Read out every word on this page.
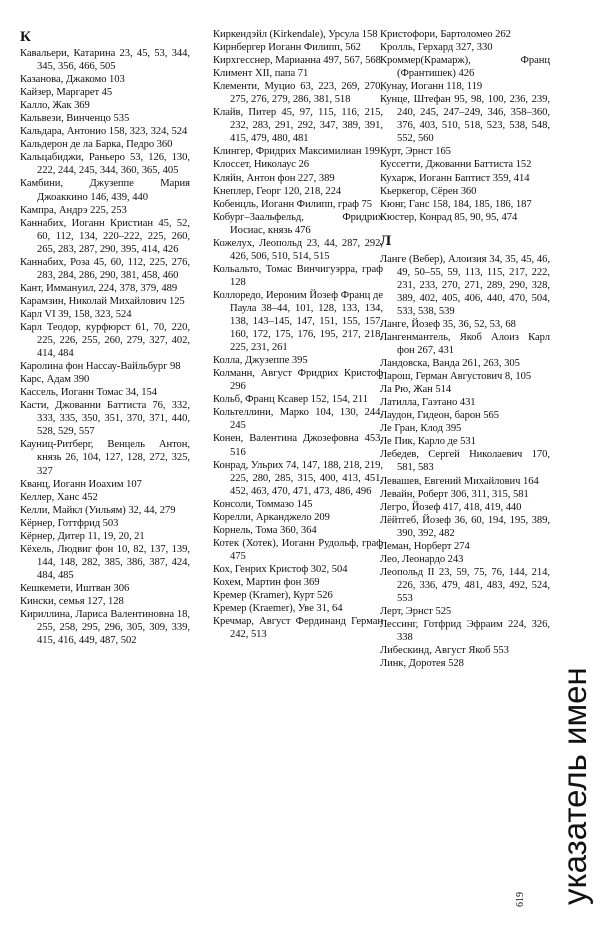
К
Кавальери, Катарина 23, 45, 53, 344, 345, 356, 466, 505
Казанова, Джакомо 103
Кайзер, Маргарет 45
Калло, Жак 369
Кальвези, Винченцо 535
Кальдара, Антонио 158, 323, 324, 524
Кальдерон де ла Барка, Педро 360
Кальцабиджи, Раньеро 53, 126, 130, 222, 244, 245, 344, 360, 365, 405
Камбини, Джузеппе Мария Джоаккино 146, 439, 440
Кампра, Андрэ 225, 253
Каннабих, Иоганн Кристиан 45, 52, 60, 112, 134, 220–222, 225, 260, 265, 283, 287, 290, 395, 414, 426
Каннабих, Роза 45, 60, 112, 225, 276, 283, 284, 286, 290, 381, 458, 460
Кант, Иммануил, 224, 378, 379, 489
Карамзин, Николай Михайлович 125
Карл VI 39, 158, 323, 524
Карл Теодор, курфюрст 61, 70, 220, 225, 226, 255, 260, 279, 327, 402, 414, 484
Каролина фон Нассау-Вайльбург 98
Карс, Адам 390
Кассель, Иоганн Томас 34, 154
Касти, Джованни Баттиста 76, 332, 333, 335, 350, 351, 370, 371, 440, 528, 529, 557
Кауниц-Ритберг, Венцель Антон, князь 26, 104, 127, 128, 272, 325, 327
Кванц, Иоганн Иоахим 107
Келлер, Ханс 452
Келли, Майкл (Уильям) 32, 44, 279
Кёрнер, Готтфрид 503
Кёрнер, Дитер 11, 19, 20, 21
Кёхель, Людвиг фон 10, 82, 137, 139, 144, 148, 282, 385, 386, 387, 424, 484, 485
Кешкемети, Иштван 306
Кински, семья 127, 128
Кириллина, Лариса Валентиновна 18, 255, 258, 295, 296, 305, 309, 339, 415, 416, 449, 487, 502
Киркендэйл (Kirkendale), Урсула 158
Кирнбергер Иоганн Филипп, 562
Кирхгесснер, Марианна 497, 567, 568
Климент XII, папа 71
Клементи, Муцио 63, 223, 269, 270, 275, 276, 279, 286, 381, 518
Клайв, Питер 45, 97, 115, 116, 215, 232, 283, 291, 292, 347, 389, 391, 415, 479, 480, 481
Клингер, Фридрих Максимилиан 199
Клоссет, Николаус 26
Кляйн, Антон фон 227, 389
Кнеплер, Георг 120, 218, 224
Кобенцль, Иоганн Филипп, граф 75
Кобург–Заальфельд, Фридрих Иосиас, князь 476
Кожелух, Леопольд 23, 44, 287, 292, 426, 506, 510, 514, 515
Кольальто, Томас Винчигуэрра, граф 128
Коллоредо, Иероним Йозеф Франц де Паула 38–44, 101, 128, 133, 134, 138, 143–145, 147, 151, 155, 157, 160, 172, 175, 176, 195, 217, 218, 225, 231, 261
Колла, Джузеппе 395
Колманн, Август Фридрих Кристоф 296
Кольб, Франц Ксавер 152, 154, 211
Кольтеллини, Марко 104, 130, 244, 245
Конен, Валентина Джозефовна 453, 516
Конрад, Ульрих 74, 147, 188, 218, 219, 225, 280, 285, 315, 400, 413, 451, 452, 463, 470, 471, 473, 486, 496
Консоли, Томмазо 145
Корелли, Арканджело 209
Корнель, Тома 360, 364
Котек (Хотек), Иоганн Рудольф, граф 475
Кох, Генрих Кристоф 302, 504
Кохем, Мартин фон 369
Кремер (Kramer), Курт 526
Кремер (Kraemer), Уве 31, 64
Кречмар, Август Фердинанд Герман 242, 513
Кристофори, Бартоломео 262
Кролль, Герхард 327, 330
Кроммер(Крамарж), Франц (Франтишек) 426
Кунау, Иоганн 118, 119
Кунце, Штефан 95, 98, 100, 236, 239, 240, 245, 247–249, 346, 358–360, 376, 403, 510, 518, 523, 538, 548, 552, 560
Курт, Эрнст 165
Куссетти, Джованни Баттиста 152
Кухарж, Иоганн Баптист 359, 414
Кьеркегор, Сёрен 360
Кюнг, Ганс 158, 184, 185, 186, 187
Кюстер, Конрад 85, 90, 95, 474
Л
Ланге (Вебер), Алоизия 34, 35, 45, 46, 49, 50–55, 59, 113, 115, 217, 222, 231, 233, 270, 271, 289, 290, 328, 389, 402, 405, 406, 440, 470, 504, 533, 538, 539
Ланге, Йозеф 35, 36, 52, 53, 68
Лангенмантель, Якоб Алоиз Карл фон 267, 431
Ландовска, Ванда 261, 263, 305
Ларош, Герман Августович 8, 105
Ла Рю, Жан 514
Латилла, Гаэтано 431
Лаудон, Гидеон, барон 565
Ле Гран, Клод 395
Ле Пик, Карло де 531
Лебедев, Сергей Николаевич 170, 581, 583
Левашев, Евгений Михайлович 164
Левайн, Роберт 306, 311, 315, 581
Легро, Йозеф 417, 418, 419, 440
Лёйтгеб, Йозеф 36, 60, 194, 195, 389, 390, 392, 482
Леман, Норберт 274
Лео, Леонардо 243
Леопольд II 23, 59, 75, 76, 144, 214, 226, 336, 479, 481, 483, 492, 524, 553
Лерт, Эрнст 525
Лессинг, Готфрид Эфраим 224, 326, 338
Либескинд, Август Якоб 553
Линк, Доротея 528
указатель имен
619
